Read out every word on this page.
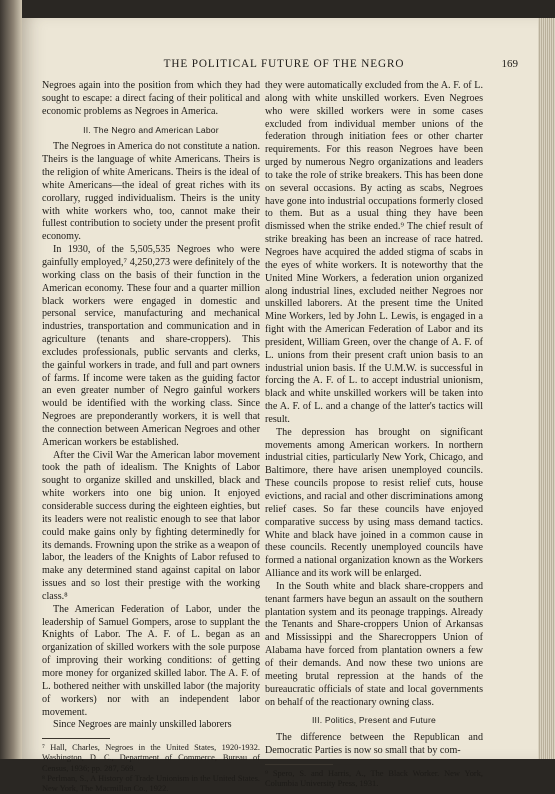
THE POLITICAL FUTURE OF THE NEGRO	169

Negroes again into the position from which they had sought to escape: a direct facing of their political and economic problems as Negroes in America.

II. The Negro and American Labor

The Negroes in America do not constitute a nation. Theirs is the language of white Americans. Theirs is the religion of white Americans. Theirs is the ideal of white Americans—the ideal of great riches with its corollary, rugged individualism. Theirs is the unity with white workers who, too, cannot make their fullest contribution to society under the present profit economy.

In 1930, of the 5,505,535 Negroes who were gainfully employed,⁷ 4,250,273 were definitely of the working class on the basis of their function in the American economy. These four and a quarter million black workers were engaged in domestic and personal service, manufacturing and mechanical industries, transportation and communication and in agriculture (tenants and share-croppers). This excludes professionals, public servants and clerks, the gainful workers in trade, and full and part owners of farms. If income were taken as the guiding factor an even greater number of Negro gainful workers would be identified with the working class. Since Negroes are preponderantly workers, it is well that the connection between American Negroes and other American workers be established.

After the Civil War the American labor movement took the path of idealism. The Knights of Labor sought to organize skilled and unskilled, black and white workers into one big union. It enjoyed considerable success during the eighteen eighties, but its leaders were not realistic enough to see that labor could make gains only by fighting determinedly for its demands. Frowning upon the strike as a weapon of labor, the leaders of the Knights of Labor refused to make any determined stand against capital on labor issues and so lost their prestige with the working class.⁸

The American Federation of Labor, under the leadership of Samuel Gompers, arose to supplant the Knights of Labor. The A. F. of L. began as an organization of skilled workers with the sole purpose of improving their working conditions: of getting more money for organized skilled labor. The A. F. of L. bothered neither with unskilled labor (the majority of workers) nor with an independent labor movement.

Since Negroes are mainly unskilled laborers

⁷ Hall, Charles, Negroes in the United States, 1920-1932. Washington, D. C., Department of Commerce, Bureau of Census, 1936; pp. 287, 569.

⁸ Perlman, S., A History of Trade Unionism in the United States. New York, The Macmillan Co., 1922.

they were automatically excluded from the A. F. of L. along with white unskilled workers. Even Negroes who were skilled workers were in some cases excluded from individual member unions of the federation through initiation fees or other charter requirements. For this reason Negroes have been urged by numerous Negro organizations and leaders to take the role of strike breakers. This has been done on several occasions. By acting as scabs, Negroes have gone into industrial occupations formerly closed to them. But as a usual thing they have been dismissed when the strike ended.⁹ The chief result of strike breaking has been an increase of race hatred. Negroes have acquired the added stigma of scabs in the eyes of white workers. It is noteworthy that the United Mine Workers, a federation union organized along industrial lines, excluded neither Negroes nor unskilled laborers. At the present time the United Mine Workers, led by John L. Lewis, is engaged in a fight with the American Federation of Labor and its president, William Green, over the change of A. F. of L. unions from their present craft union basis to an industrial union basis. If the U.M.W. is successful in forcing the A. F. of L. to accept industrial unionism, black and white unskilled workers will be taken into the A. F. of L. and a change of the latter's tactics will result.

The depression has brought on significant movements among American workers. In northern industrial cities, particularly New York, Chicago, and Baltimore, there have arisen unemployed councils. These councils propose to resist relief cuts, house evictions, and racial and other discriminations among relief cases. So far these councils have enjoyed comparative success by using mass demand tactics. White and black have joined in a common cause in these councils. Recently unemployed councils have formed a national organization known as the Workers Alliance and its work will be enlarged.

In the South white and black share-croppers and tenant farmers have begun an assault on the southern plantation system and its peonage trappings. Already the Tenants and Share-croppers Union of Arkansas and Mississippi and the Sharecroppers Union of Alabama have forced from plantation owners a few of their demands. And now these two unions are meeting brutal repression at the hands of the bureaucratic officials of state and local governments on behalf of the reactionary owning class.

III. Politics, Present and Future

The difference between the Republican and Democratic Parties is now so small that by com-

⁹ Spero, S. and Harris, A., The Black Worker. New York, Columbia University Press, 1931.
